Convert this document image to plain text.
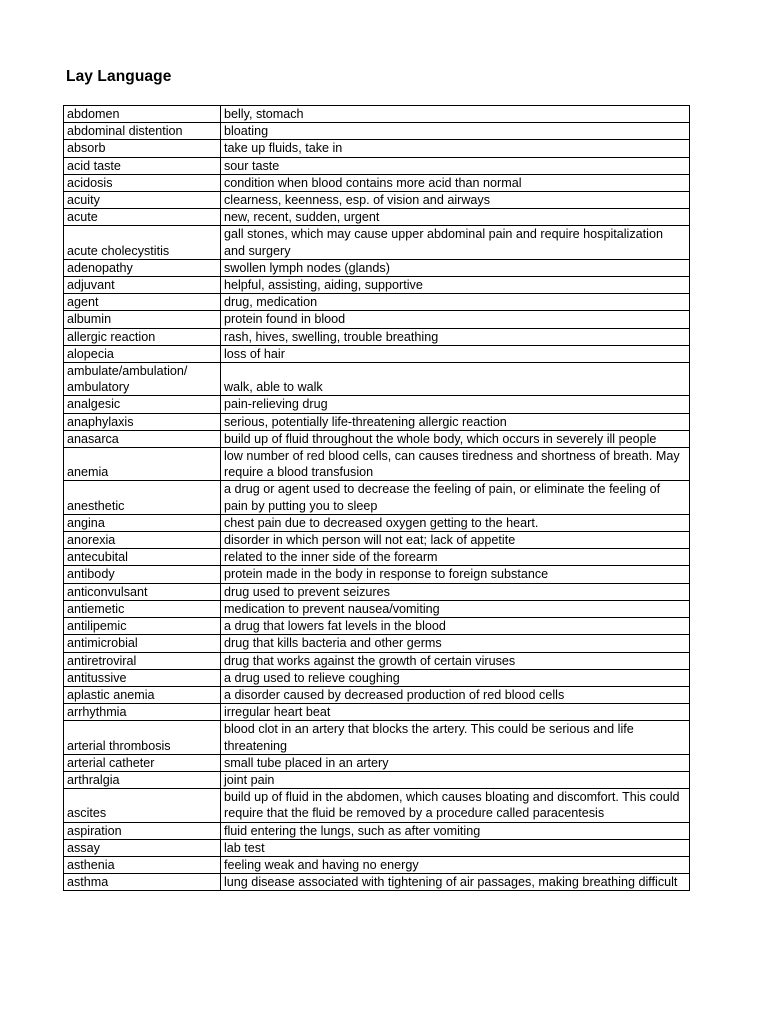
Lay Language
abdomen	belly, stomach
abdominal distention	bloating
absorb	take up fluids, take in
acid taste	sour taste
acidosis	condition when blood contains more acid than normal
acuity	clearness, keenness, esp. of vision and airways
acute	new, recent, sudden, urgent
acute cholecystitis	gall stones, which may cause upper abdominal pain and require hospitalization and surgery
adenopathy	swollen lymph nodes (glands)
adjuvant	helpful, assisting, aiding, supportive
agent	drug, medication
albumin	protein found in blood
allergic reaction	rash, hives, swelling, trouble breathing
alopecia	loss of hair
ambulate/ambulation/ ambulatory	walk, able to walk
analgesic	pain-relieving drug
anaphylaxis	serious, potentially life-threatening allergic reaction
anasarca	build up of fluid throughout the whole body, which occurs in severely ill people
anemia	low number of red blood cells, can causes tiredness and shortness of breath. May require a blood transfusion
anesthetic	a drug or agent used to decrease the feeling of pain, or eliminate the feeling of pain by putting you to sleep
angina	chest pain due to decreased oxygen getting to the heart.
anorexia	disorder in which person will not eat; lack of appetite
antecubital	related to the inner side of the forearm
antibody	protein made in the body in response to foreign substance
anticonvulsant	drug used to prevent seizures
antiemetic	medication to prevent nausea/vomiting
antilipemic	a drug that lowers fat levels in the blood
antimicrobial	drug that kills bacteria and other germs
antiretroviral	drug that works against the growth of certain viruses
antitussive	a drug used to relieve coughing
aplastic anemia	a disorder caused by decreased production of red blood cells
arrhythmia	irregular heart beat
arterial thrombosis	blood clot in an artery that blocks the artery. This could be serious and life threatening
arterial catheter	small tube placed in an artery
arthralgia	joint pain
ascites	build up of fluid in the abdomen, which causes bloating and discomfort. This could require that the fluid be removed by a procedure called paracentesis
aspiration	fluid entering the lungs, such as after vomiting
assay	lab test
asthenia	feeling weak and having no energy
asthma	lung disease associated with tightening of air passages, making breathing difficult
